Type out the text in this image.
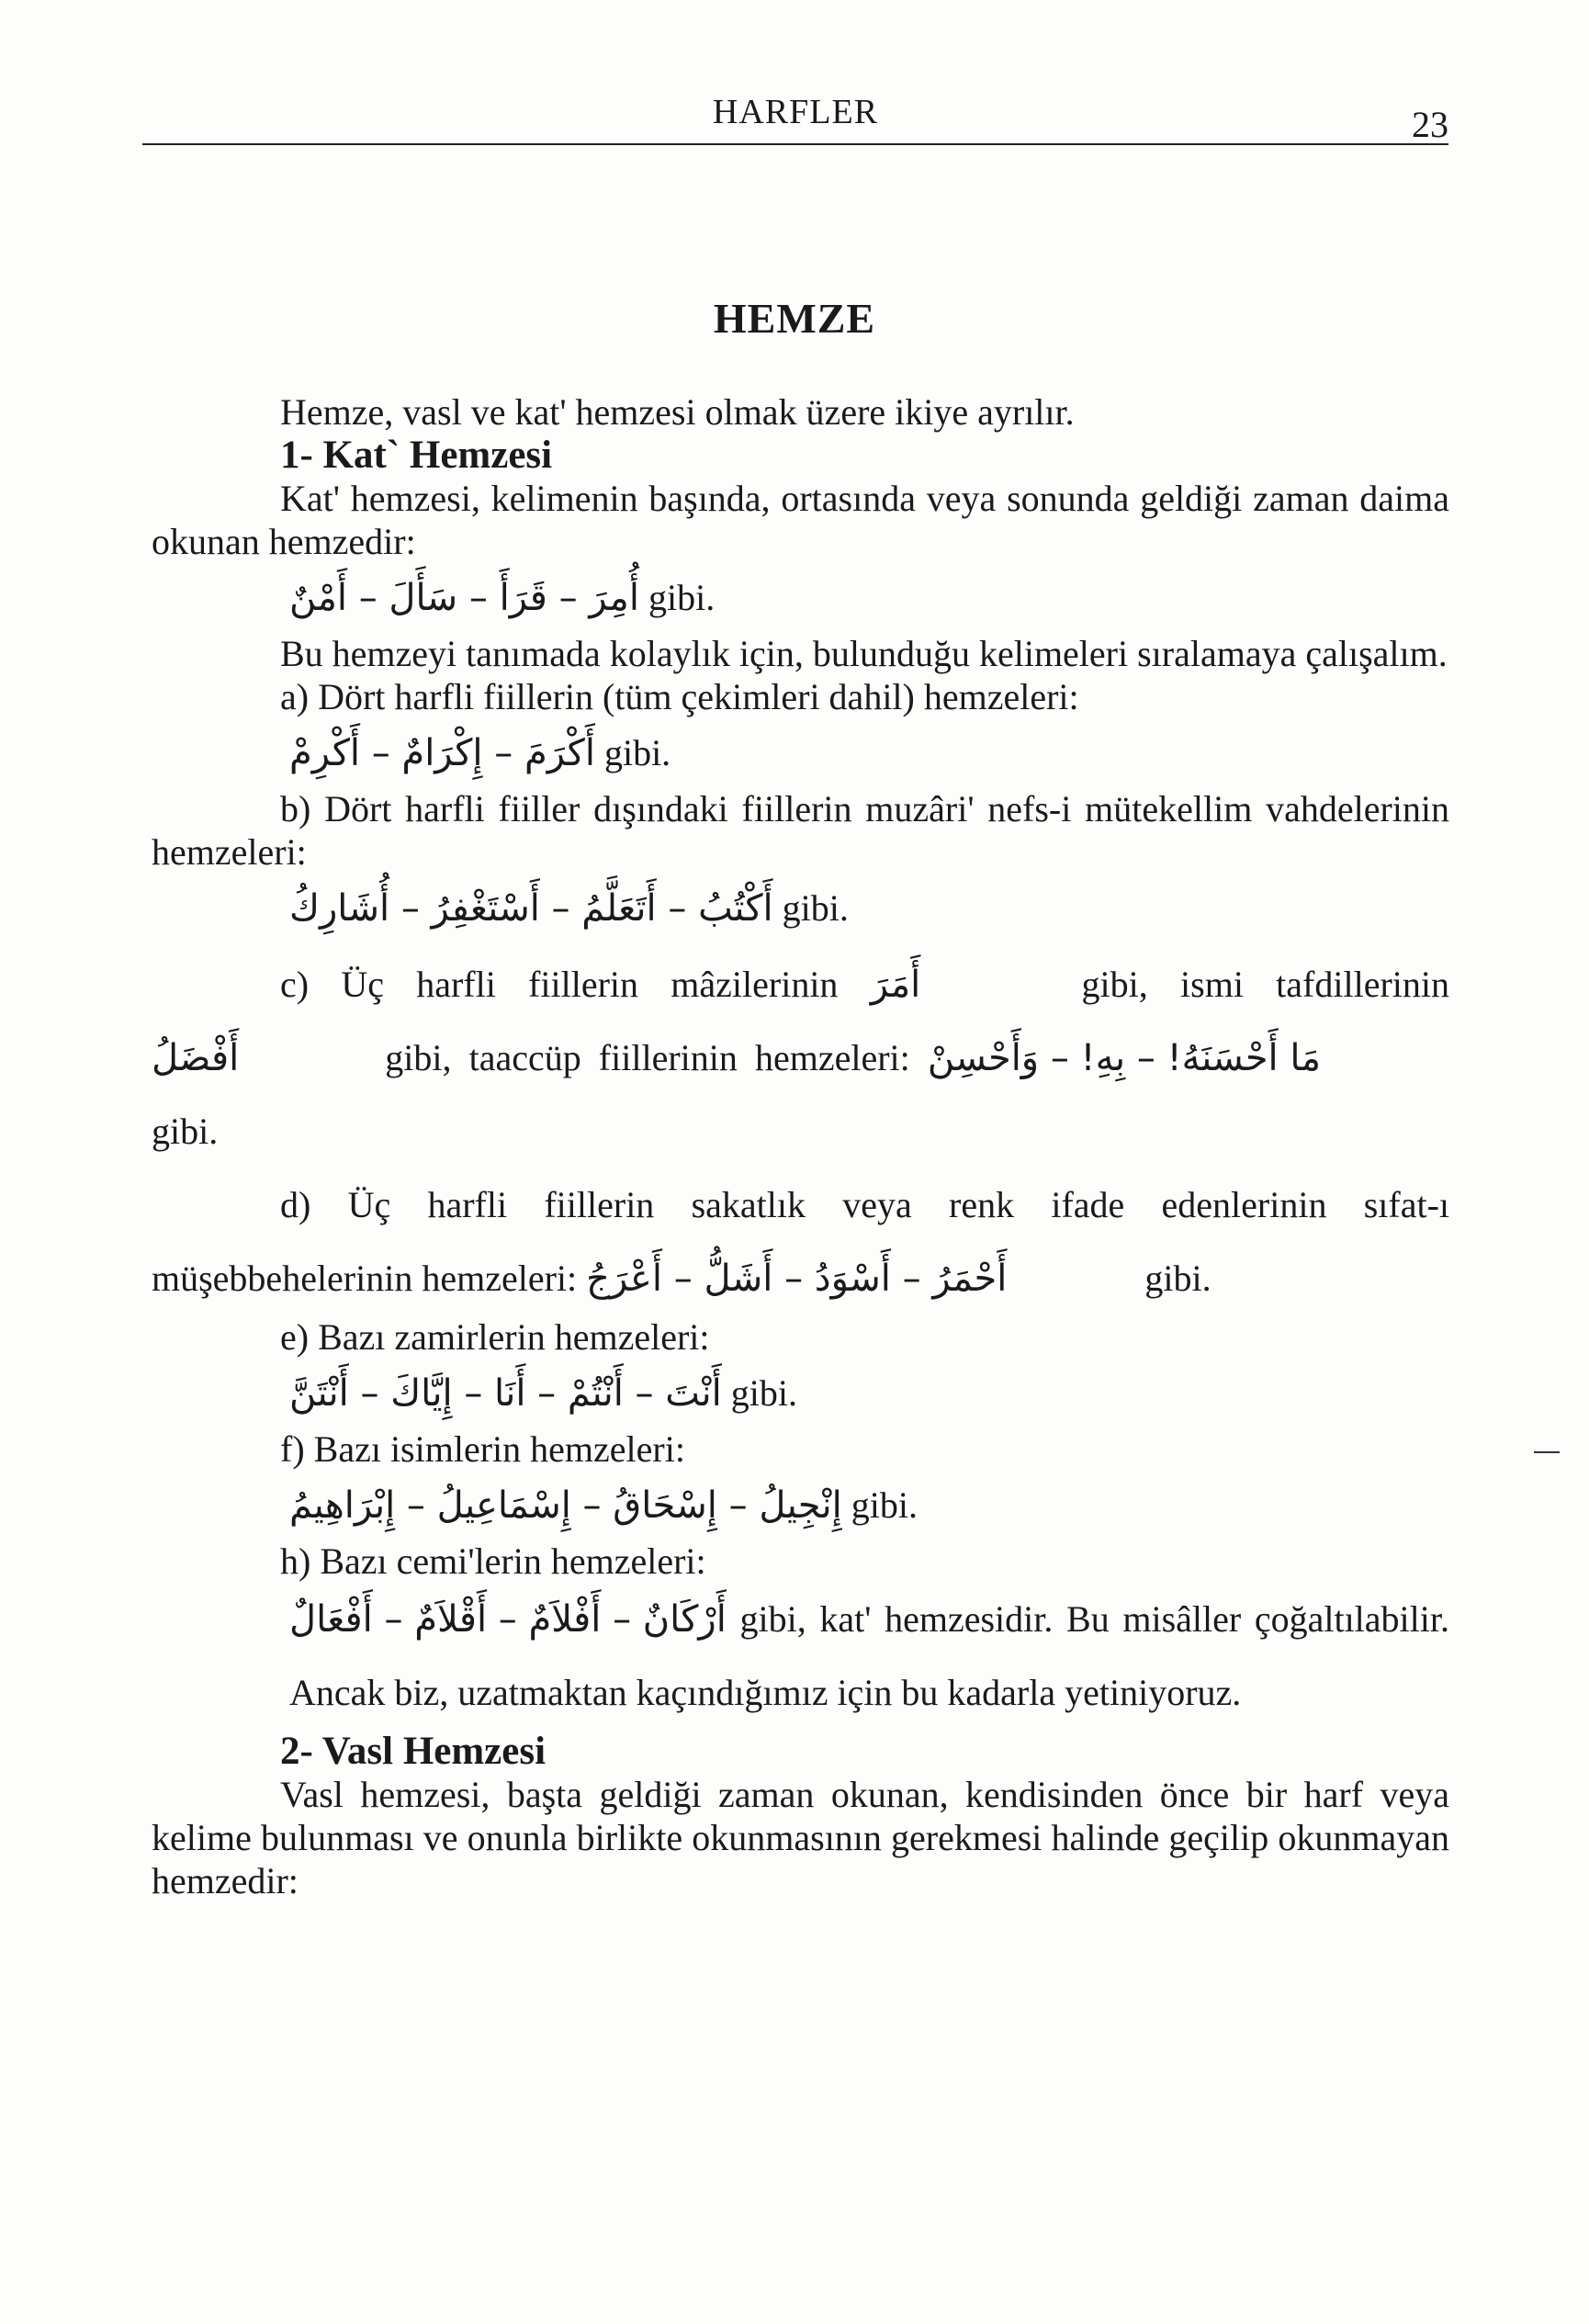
HARFLER	23
HEMZE

Hemze, vasl ve kat' hemzesi olmak üzere ikiye ayrılır.

1- Kat` Hemzesi

Kat' hemzesi, kelimenin başında, ortasında veya sonunda geldiği zaman daima okunan hemzedir:

أُمِرَ – قَرَأَ – سَأَلَ – أَمْنٌ gibi.

Bu hemzeyi tanımada kolaylık için, bulunduğu kelimeleri sıralamaya çalışalım.

a) Dört harfli fiillerin (tüm çekimleri dahil) hemzeleri:

أَكْرَمَ – إِكْرَامٌ – أَكْرِمْ gibi.

b) Dört harfli fiiller dışındaki fiillerin muzâri' nefs-i mütekellim vahdelerinin hemzeleri:

أَكْتُبُ – أَتَعَلَّمُ – أَسْتَغْفِرُ – أُشَارِكُ gibi.

c) Üç harfli fiillerin mâzilerinin أَمَرَ	gibi, ismi tafdillerinin أَفْضَلُ	gibi, taaccüp fiillerinin hemzeleri: مَا أَحْسَنَهُ! – بِهِ! – وَأَحْسِنْ gibi.

d) Üç harfli fiillerin sakatlık veya renk ifade edenlerinin sıfat-ı müşebbehelerinin hemzeleri: أَحْمَرُ – أَسْوَدُ – أَشَلُّ – أَعْرَجُ	gibi.

e) Bazı zamirlerin hemzeleri:

أَنْتَ – أَنْتُمْ – أَنَا – إِيَّاكَ – أَنْتَنَّ gibi.

f) Bazı isimlerin hemzeleri:

إِنْجِيلُ – إِسْحَاقُ – إِسْمَاعِيلُ – إِبْرَاهِيمُ gibi.

h) Bazı cemi'lerin hemzeleri:

أَرْكَانٌ – أَفْلاَمٌ – أَقْلاَمٌ – أَفْعَالٌ gibi, kat' hemzesidir. Bu misâller çoğaltılabilir. Ancak biz, uzatmaktan kaçındığımız için bu kadarla yetiniyoruz.

2- Vasl Hemzesi

Vasl hemzesi, başta geldiği zaman okunan, kendisinden önce bir harf veya kelime bulunması ve onunla birlikte okunmasının gerekmesi halinde geçilip okunmayan hemzedir:
